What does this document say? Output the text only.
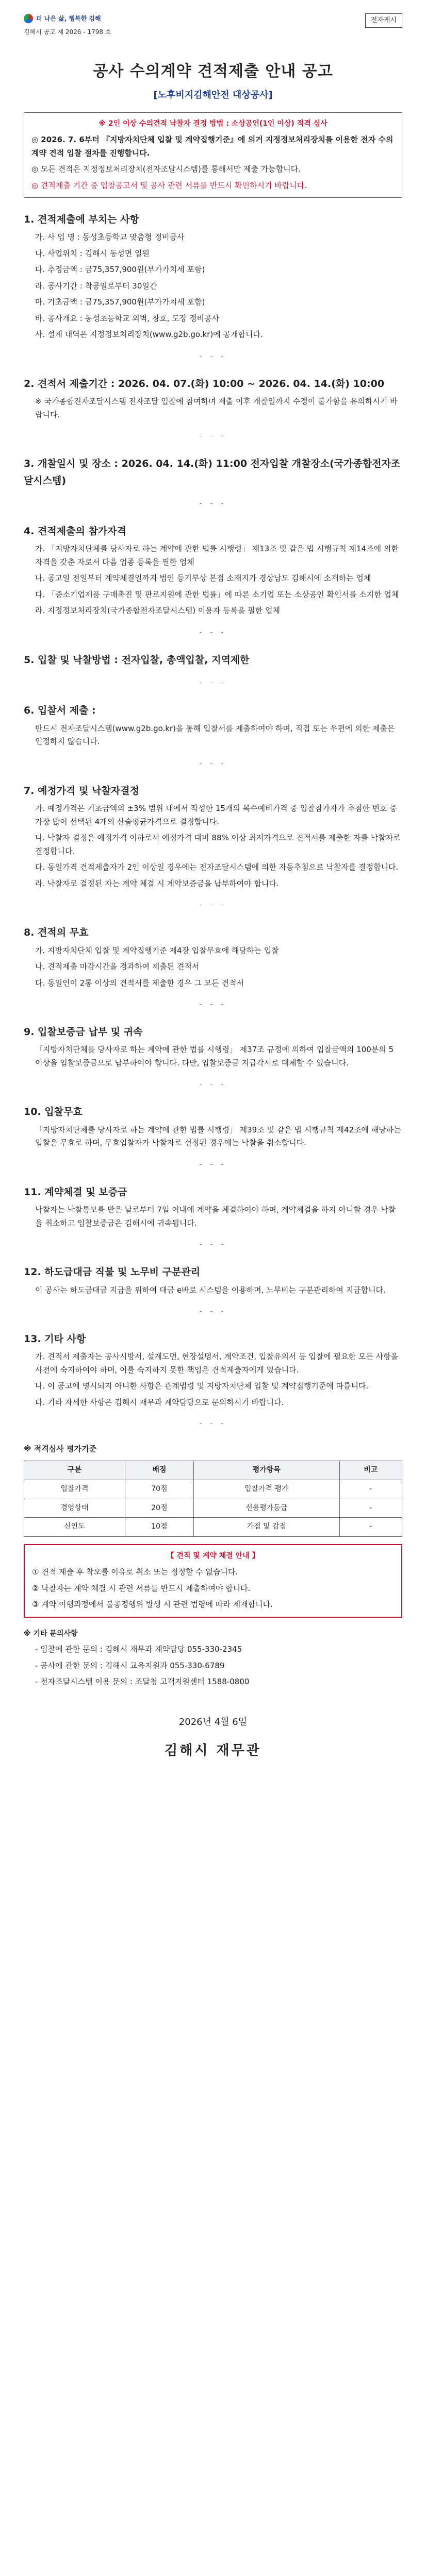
더 나은 삶, 행복한 김해
김해시 공고 제 2026 - 1798 호
전자게시
공사 수의계약 견적제출 안내 공고
[노후비지김해안전 대상공사]
※ 2인 이상 수의견적 낙찰자 결정 방법 : 소상공인(1인 이상) 적격 심사
◎ 2026. 7. 6부터 『지방자치단체 입찰 및 계약집행기준』에 의거 지정정보처리장치를 이용한 전자 수의계약 견적 입찰 절차를 진행합니다.
◎ 모든 견적은 지정정보처리장치(전자조달시스템)를 통해서만 제출 가능합니다.
◎ 견적제출 기간 중 입찰공고서 및 공사 관련 서류를 반드시 확인하시기 바랍니다.
1. 견적제출에 부치는 사항
가. 사 업 명 : 동성초등학교 맞춤형 정비공사
나. 사업위치 : 김해시 동성면 일원
다. 추정금액 : 금75,357,900원(부가가치세 포함)
라. 공사기간 : 착공일로부터 30일간
마. 기초금액 : 금75,357,900원(부가가치세 포함)
바. 공사개요 : 동성초등학교 외벽, 창호, 도장 정비공사
사. 설계 내역은 지정정보처리장치(www.g2b.go.kr)에 공개합니다.
- - -
2. 견적서 제출기간 : 2026. 04. 07.(화) 10:00 ~ 2026. 04. 14.(화) 10:00
※ 국가종합전자조달시스템 전자조달 입찰에 참여하며 제출 이후 개찰일까지 수정이 불가함을 유의하시기 바랍니다.
- - -
3. 개찰일시 및 장소 : 2026. 04. 14.(화) 11:00 전자입찰 개찰장소(국가종합전자조달시스템)
- - -
4. 견적제출의 참가자격
가. 「지방자치단체를 당사자로 하는 계약에 관한 법률 시행령」 제13조 및 같은 법 시행규칙 제14조에 의한 자격을 갖춘 자로서 다음 업종 등록을 필한 업체
나. 공고일 전일부터 계약체결일까지 법인 등기부상 본점 소재지가 경상남도 김해시에 소재하는 업체
다. 「중소기업제품 구매촉진 및 판로지원에 관한 법률」에 따른 소기업 또는 소상공인 확인서를 소지한 업체
라. 지정정보처리장치(국가종합전자조달시스템) 이용자 등록을 필한 업체
- - -
5. 입찰 및 낙찰방법 : 전자입찰, 총액입찰, 지역제한
- - -
6. 입찰서 제출 :
반드시 전자조달시스템(www.g2b.go.kr)을 통해 입찰서를 제출하여야 하며, 직접 또는 우편에 의한 제출은 인정하지 않습니다.
- - -
7. 예정가격 및 낙찰자결정
가. 예정가격은 기초금액의 ±3% 범위 내에서 작성한 15개의 복수예비가격 중 입찰참가자가 추첨한 번호 중 가장 많이 선택된 4개의 산술평균가격으로 결정합니다.
나. 낙찰자 결정은 예정가격 이하로서 예정가격 대비 88% 이상 최저가격으로 견적서를 제출한 자를 낙찰자로 결정합니다.
다. 동일가격 견적제출자가 2인 이상일 경우에는 전자조달시스템에 의한 자동추첨으로 낙찰자를 결정합니다.
라. 낙찰자로 결정된 자는 계약 체결 시 계약보증금을 납부하여야 합니다.
- - -
8. 견적의 무효
가. 지방자치단체 입찰 및 계약집행기준 제4장 입찰무효에 해당하는 입찰
나. 견적제출 마감시간을 경과하여 제출된 견적서
다. 동일인이 2통 이상의 견적서를 제출한 경우 그 모든 견적서
- - -
9. 입찰보증금 납부 및 귀속
「지방자치단체를 당사자로 하는 계약에 관한 법률 시행령」 제37조 규정에 의하여 입찰금액의 100분의 5 이상을 입찰보증금으로 납부하여야 합니다. 다만, 입찰보증금 지급각서로 대체할 수 있습니다.
- - -
10. 입찰무효
「지방자치단체를 당사자로 하는 계약에 관한 법률 시행령」 제39조 및 같은 법 시행규칙 제42조에 해당하는 입찰은 무효로 하며, 무효입찰자가 낙찰자로 선정된 경우에는 낙찰을 취소합니다.
- - -
11. 계약체결 및 보증금
낙찰자는 낙찰통보를 받은 날로부터 7일 이내에 계약을 체결하여야 하며, 계약체결을 하지 아니할 경우 낙찰을 취소하고 입찰보증금은 김해시에 귀속됩니다.
- - -
12. 하도급대금 직불 및 노무비 구분관리
이 공사는 하도급대금 지급을 위하여 대금 e바로 시스템을 이용하며, 노무비는 구분관리하여 지급합니다.
- - -
13. 기타 사항
가. 견적서 제출자는 공사시방서, 설계도면, 현장설명서, 계약조건, 입찰유의서 등 입찰에 필요한 모든 사항을 사전에 숙지하여야 하며, 이를 숙지하지 못한 책임은 견적제출자에게 있습니다.
나. 이 공고에 명시되지 아니한 사항은 관계법령 및 지방자치단체 입찰 및 계약집행기준에 따릅니다.
다. 기타 자세한 사항은 김해시 재무과 계약담당으로 문의하시기 바랍니다.
- - -
※ 적격심사 평가기준
구분	배점	평가항목	비고
입찰가격	70점	입찰가격 평가	-
경영상태	20점	신용평가등급	-
신인도	10점	가점 및 감점	-
【 견적 및 계약 체결 안내 】
① 견적 제출 후 착오를 이유로 취소 또는 정정할 수 없습니다.
② 낙찰자는 계약 체결 시 관련 서류를 반드시 제출하여야 합니다.
③ 계약 이행과정에서 불공정행위 발생 시 관련 법령에 따라 제재합니다.
※ 기타 문의사항
- 입찰에 관한 문의 : 김해시 재무과 계약담당 055-330-2345
- 공사에 관한 문의 : 김해시 교육지원과 055-330-6789
- 전자조달시스템 이용 문의 : 조달청 고객지원센터 1588-0800
2026년 4월 6일
김해시 재무관
